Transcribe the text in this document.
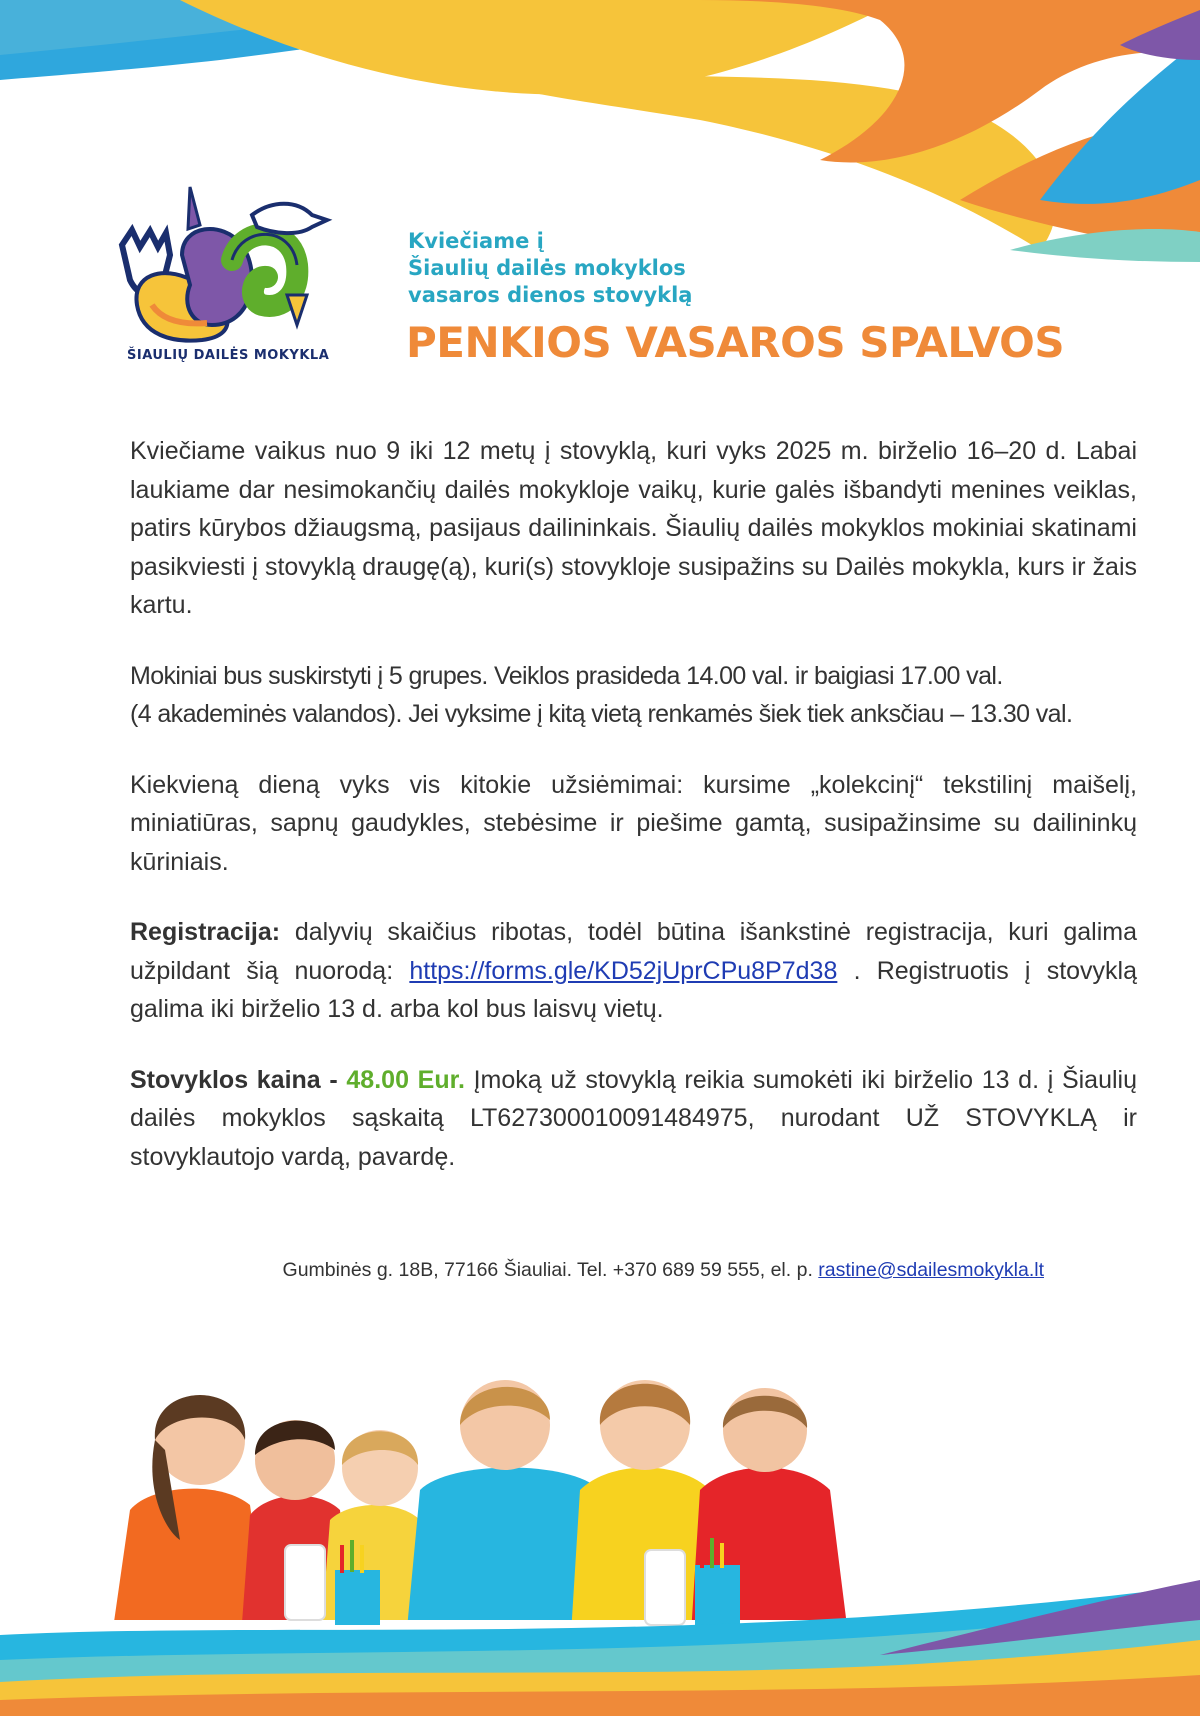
ŠIAULIŲ DAILĖS MOKYKLA
Kviečiame į
Šiaulių dailės mokyklos
vasaros dienos stovyklą
PENKIOS VASAROS SPALVOS

Kviečiame vaikus nuo 9 iki 12 metų į stovyklą, kuri vyks 2025 m. birželio 16–20 d. Labai laukiame dar nesimokančių dailės mokykloje vaikų, kurie galės išbandyti menines veiklas, patirs kūrybos džiaugsmą, pasijaus dailininkais. Šiaulių dailės mokyklos mokiniai skatinami pasikviesti į stovyklą draugę(ą), kuri(s) stovykloje susipažins su Dailės mokykla, kurs ir žais kartu.

Mokiniai bus suskirstyti į 5 grupes. Veiklos prasideda 14.00 val. ir baigiasi 17.00 val.
(4 akademinės valandos). Jei vyksime į kitą vietą renkamės šiek tiek anksčiau – 13.30 val.

Kiekvieną dieną vyks vis kitokie užsiėmimai: kursime „kolekcinį“ tekstilinį maišelį, miniatiūras, sapnų gaudykles, stebėsime ir piešime gamtą, susipažinsime su dailininkų kūriniais.

Registracija: dalyvių skaičius ribotas, todėl būtina išankstinė registracija, kuri galima užpildant šią nuorodą: https://forms.gle/KD52jUprCPu8P7d38 . Registruotis į stovyklą galima iki birželio 13 d. arba kol bus laisvų vietų.

Stovyklos kaina - 48.00 Eur. Įmoką už stovyklą reikia sumokėti iki birželio 13 d. į Šiaulių dailės mokyklos sąskaitą LT627300010091484975, nurodant UŽ STOVYKLĄ ir stovyklautojo vardą, pavardę.

Gumbinės g. 18B, 77166 Šiauliai. Tel. +370 689 59 555, el. p. rastine@sdailesmokykla.lt
